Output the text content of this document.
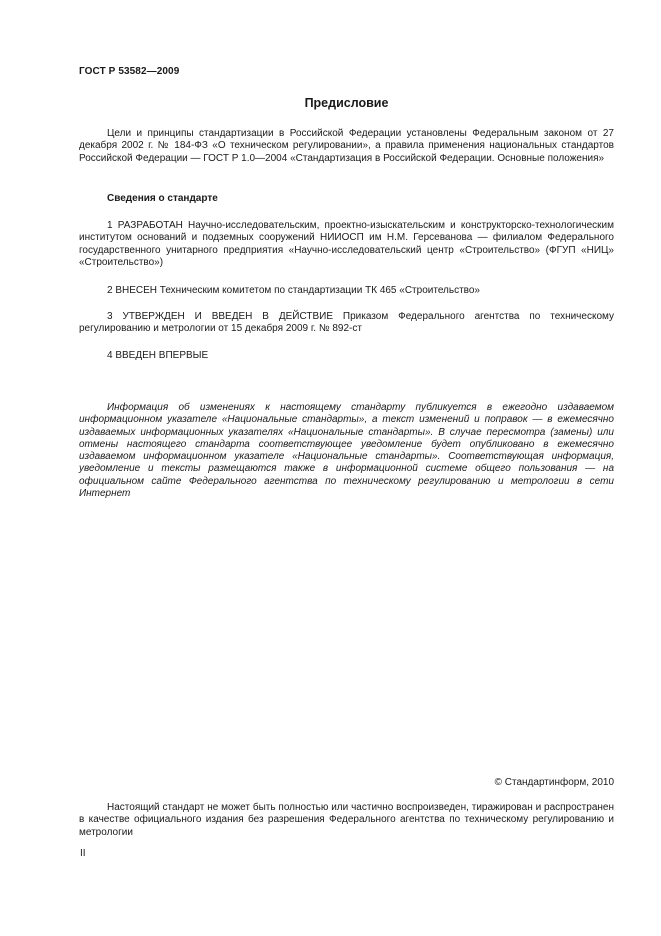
ГОСТ Р 53582—2009
Предисловие
Цели и принципы стандартизации в Российской Федерации установлены Федеральным законом от 27 декабря 2002 г. № 184-ФЗ «О техническом регулировании», а правила применения национальных стандартов Российской Федерации — ГОСТ Р 1.0—2004 «Стандартизация в Российской Федерации. Основные положения»
Сведения о стандарте
1 РАЗРАБОТАН Научно-исследовательским, проектно-изыскательским и конструкторско-технологическим институтом оснований и подземных сооружений НИИОСП им Н.М. Герсеванова — филиалом Федерального государственного унитарного предприятия «Научно-исследовательский центр «Строительство» (ФГУП «НИЦ» «Строительство»)
2 ВНЕСЕН Техническим комитетом по стандартизации ТК 465 «Строительство»
3 УТВЕРЖДЕН И ВВЕДЕН В ДЕЙСТВИЕ Приказом Федерального агентства по техническому регулированию и метрологии от 15 декабря 2009 г. № 892-ст
4 ВВЕДЕН ВПЕРВЫЕ
Информация об изменениях к настоящему стандарту публикуется в ежегодно издаваемом информационном указателе «Национальные стандарты», а текст изменений и поправок — в ежемесячно издаваемых информационных указателях «Национальные стандарты». В случае пересмотра (замены) или отмены настоящего стандарта соответствующее уведомление будет опубликовано в ежемесячно издаваемом информационном указателе «Национальные стандарты». Соответствующая информация, уведомление и тексты размещаются также в информационной системе общего пользования — на официальном сайте Федерального агентства по техническому регулированию и метрологии в сети Интернет
© Стандартинформ, 2010
Настоящий стандарт не может быть полностью или частично воспроизведен, тиражирован и распространен в качестве официального издания без разрешения Федерального агентства по техническому регулированию и метрологии
II
